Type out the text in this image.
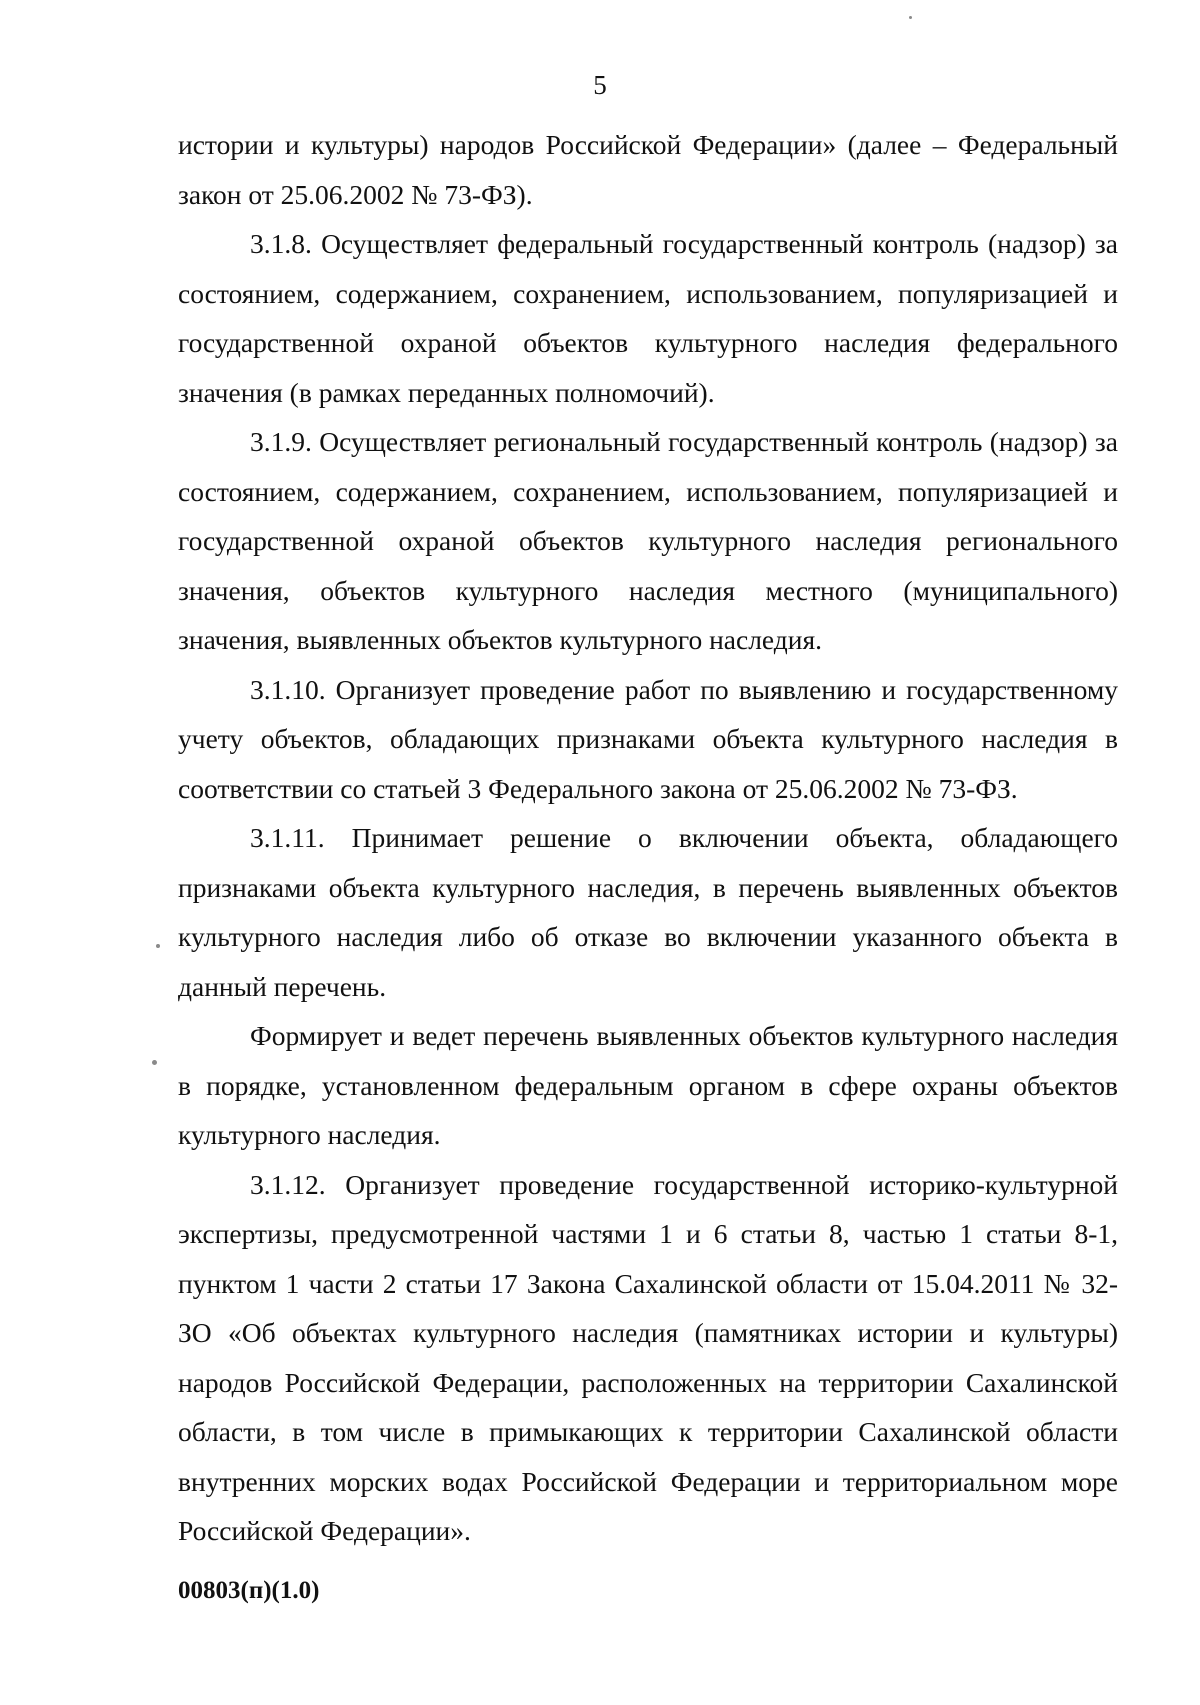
5

истории и культуры) народов Российской Федерации» (далее – Федеральный закон от 25.06.2002 № 73-ФЗ).

3.1.8. Осуществляет федеральный государственный контроль (надзор) за состоянием, содержанием, сохранением, использованием, популяризацией и государственной охраной объектов культурного наследия федерального значения (в рамках переданных полномочий).

3.1.9. Осуществляет региональный государственный контроль (надзор) за состоянием, содержанием, сохранением, использованием, популяризацией и государственной охраной объектов культурного наследия регионального значения, объектов культурного наследия местного (муниципального) значения, выявленных объектов культурного наследия.

3.1.10. Организует проведение работ по выявлению и государственному учету объектов, обладающих признаками объекта культурного наследия в соответствии со статьей 3 Федерального закона от 25.06.2002 № 73-ФЗ.

3.1.11. Принимает решение о включении объекта, обладающего признаками объекта культурного наследия, в перечень выявленных объектов культурного наследия либо об отказе во включении указанного объекта в данный перечень.

Формирует и ведет перечень выявленных объектов культурного наследия в порядке, установленном федеральным органом в сфере охраны объектов культурного наследия.

3.1.12. Организует проведение государственной историко-культурной экспертизы, предусмотренной частями 1 и 6 статьи 8, частью 1 статьи 8-1, пунктом 1 части 2 статьи 17 Закона Сахалинской области от 15.04.2011 № 32-ЗО «Об объектах культурного наследия (памятниках истории и культуры) народов Российской Федерации, расположенных на территории Сахалинской области, в том числе в примыкающих к территории Сахалинской области внутренних морских водах Российской Федерации и территориальном море Российской Федерации».

00803(п)(1.0)
